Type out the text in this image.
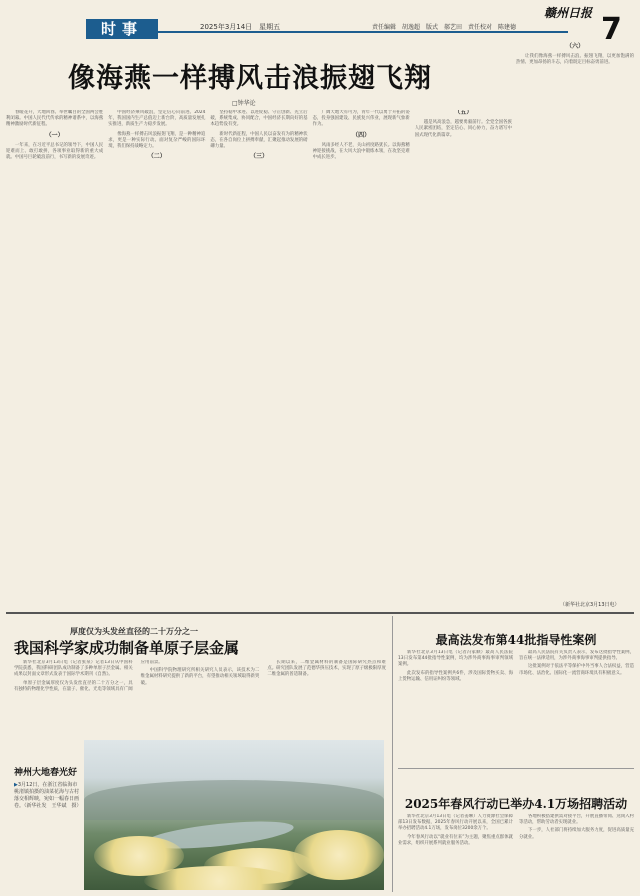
时事	2025年3月14日　星期五	责任编辑　胡逸超　版式　郝艺田　责任校对　陈建德
赣州日报 7
像海燕一样搏风击浪振翅飞翔
□钟华论

春暖花开，大地回春。举世瞩目的全国两会胜利闭幕。中国人民代代传承的精神谱系中，以海燕精神激励时代新征程。

（一）

一年来，在习近平总书记的领导下，中国人民迎难而上、敢打敢拼，各项事业取得新的重大成就。中国号巨轮破浪前行，书写新的发展奇迹。

中国经济乘风破浪，坚定信心向前进。2024年，我国国内生产总值迈上新台阶，高质量发展扎实推进，新质生产力稳步发展。

像海燕一样搏击风浪振翅飞翔，是一种精神追求，更是一种实际行动。面对复杂严峻的国际环境，我们保持战略定力。

（二）

坚持稳中求进、以进促稳、守正创新、先立后破，系统集成、协同配合，中国经济长期向好的基本趋势没有变。

新时代新征程，中国人民以奋发有为的精神状态，在各自岗位上拼搏奉献，汇聚起推动发展的磅礴力量。

（三）

广阔天地大有可为，青年一代以勇于开拓的姿态，投身强国建设、民族复兴伟业，展现新气象新作为。

（四）

风雨多经人不老，关山初度路犹长。以海燕精神迎接挑战，在大风大浪中锻炼本领，在攻坚克难中成长进步。

（五）

越是风高浪急，越要勇毅前行。全党全国各族人民紧密团结，坚定信心、同心协力，奋力谱写中国式现代化新篇章。

（六）

让我们像海燕一样搏风击浪、振翅飞翔，以更加饱满的热情、更加昂扬的斗志，向着既定目标奋勇前进。

（新华社北京3月13日电）
厚度仅为头发丝直径的二十万分之一
我国科学家成功制备单原子层金属

新华社北京3月13日电（记者张泉）记者13日从中国科学院获悉，我国科研团队成功制备了多种单原子层金属。相关成果以封面文章形式发表于国际学术期刊《自然》。

单原子层金属厚度仅为头发丝直径的二十万分之一，具有独特的物理化学性质，在量子、催化、光电等领域具有广阔应用前景。

中国科学院物理研究所相关研究人员表示，该技术为二维金属材料研究提供了新的平台，有望推动相关领域取得新突破。

长期以来，二维金属材料的制备是国际研究热点和难点。研究团队发展了范德华挤压技术，实现了原子级极限厚度二维金属的普适制备。

神州大地春光好
▶3月12日，在浙江省临海市桃渚镇拍摄的油菜花海与古村落交相辉映，宛如一幅春日画卷。（新华社发　王华斌　摄）
最高法发布第44批指导性案例

新华社北京3月13日电（记者冯家顺）最高人民法院13日发布第44批指导性案例，均为涉外商事海事审判领域案例。

此次发布的指导性案例共6件，涉及国际货物买卖、海上货物运输、信用证纠纷等领域。

最高人民法院有关负责人表示，发布这批指导性案例，旨在统一法律适用，为涉外商事海事审判提供指导。

这批案例对于依法平等保护中外当事人合法权益，营造市场化、法治化、国际化一流营商环境具有积极意义。

2025年春风行动已举办4.1万场招聘活动

新华社北京3月13日电（记者姜琳）人力资源社会保障部13日发布数据，2025年春风行动开展以来，全国已累计举办招聘活动4.1万场，发布岗位3200余万个。

今年春风行动以“就业有位来”为主题，聚焦重点群体就业需求，组织开展系列就业服务活动。

各地积极搭建供需对接平台，开展直播带岗、送岗入村等活动，帮助劳动者实现就业。

下一步，人社部门将持续加大服务力度，促进高质量充分就业。
